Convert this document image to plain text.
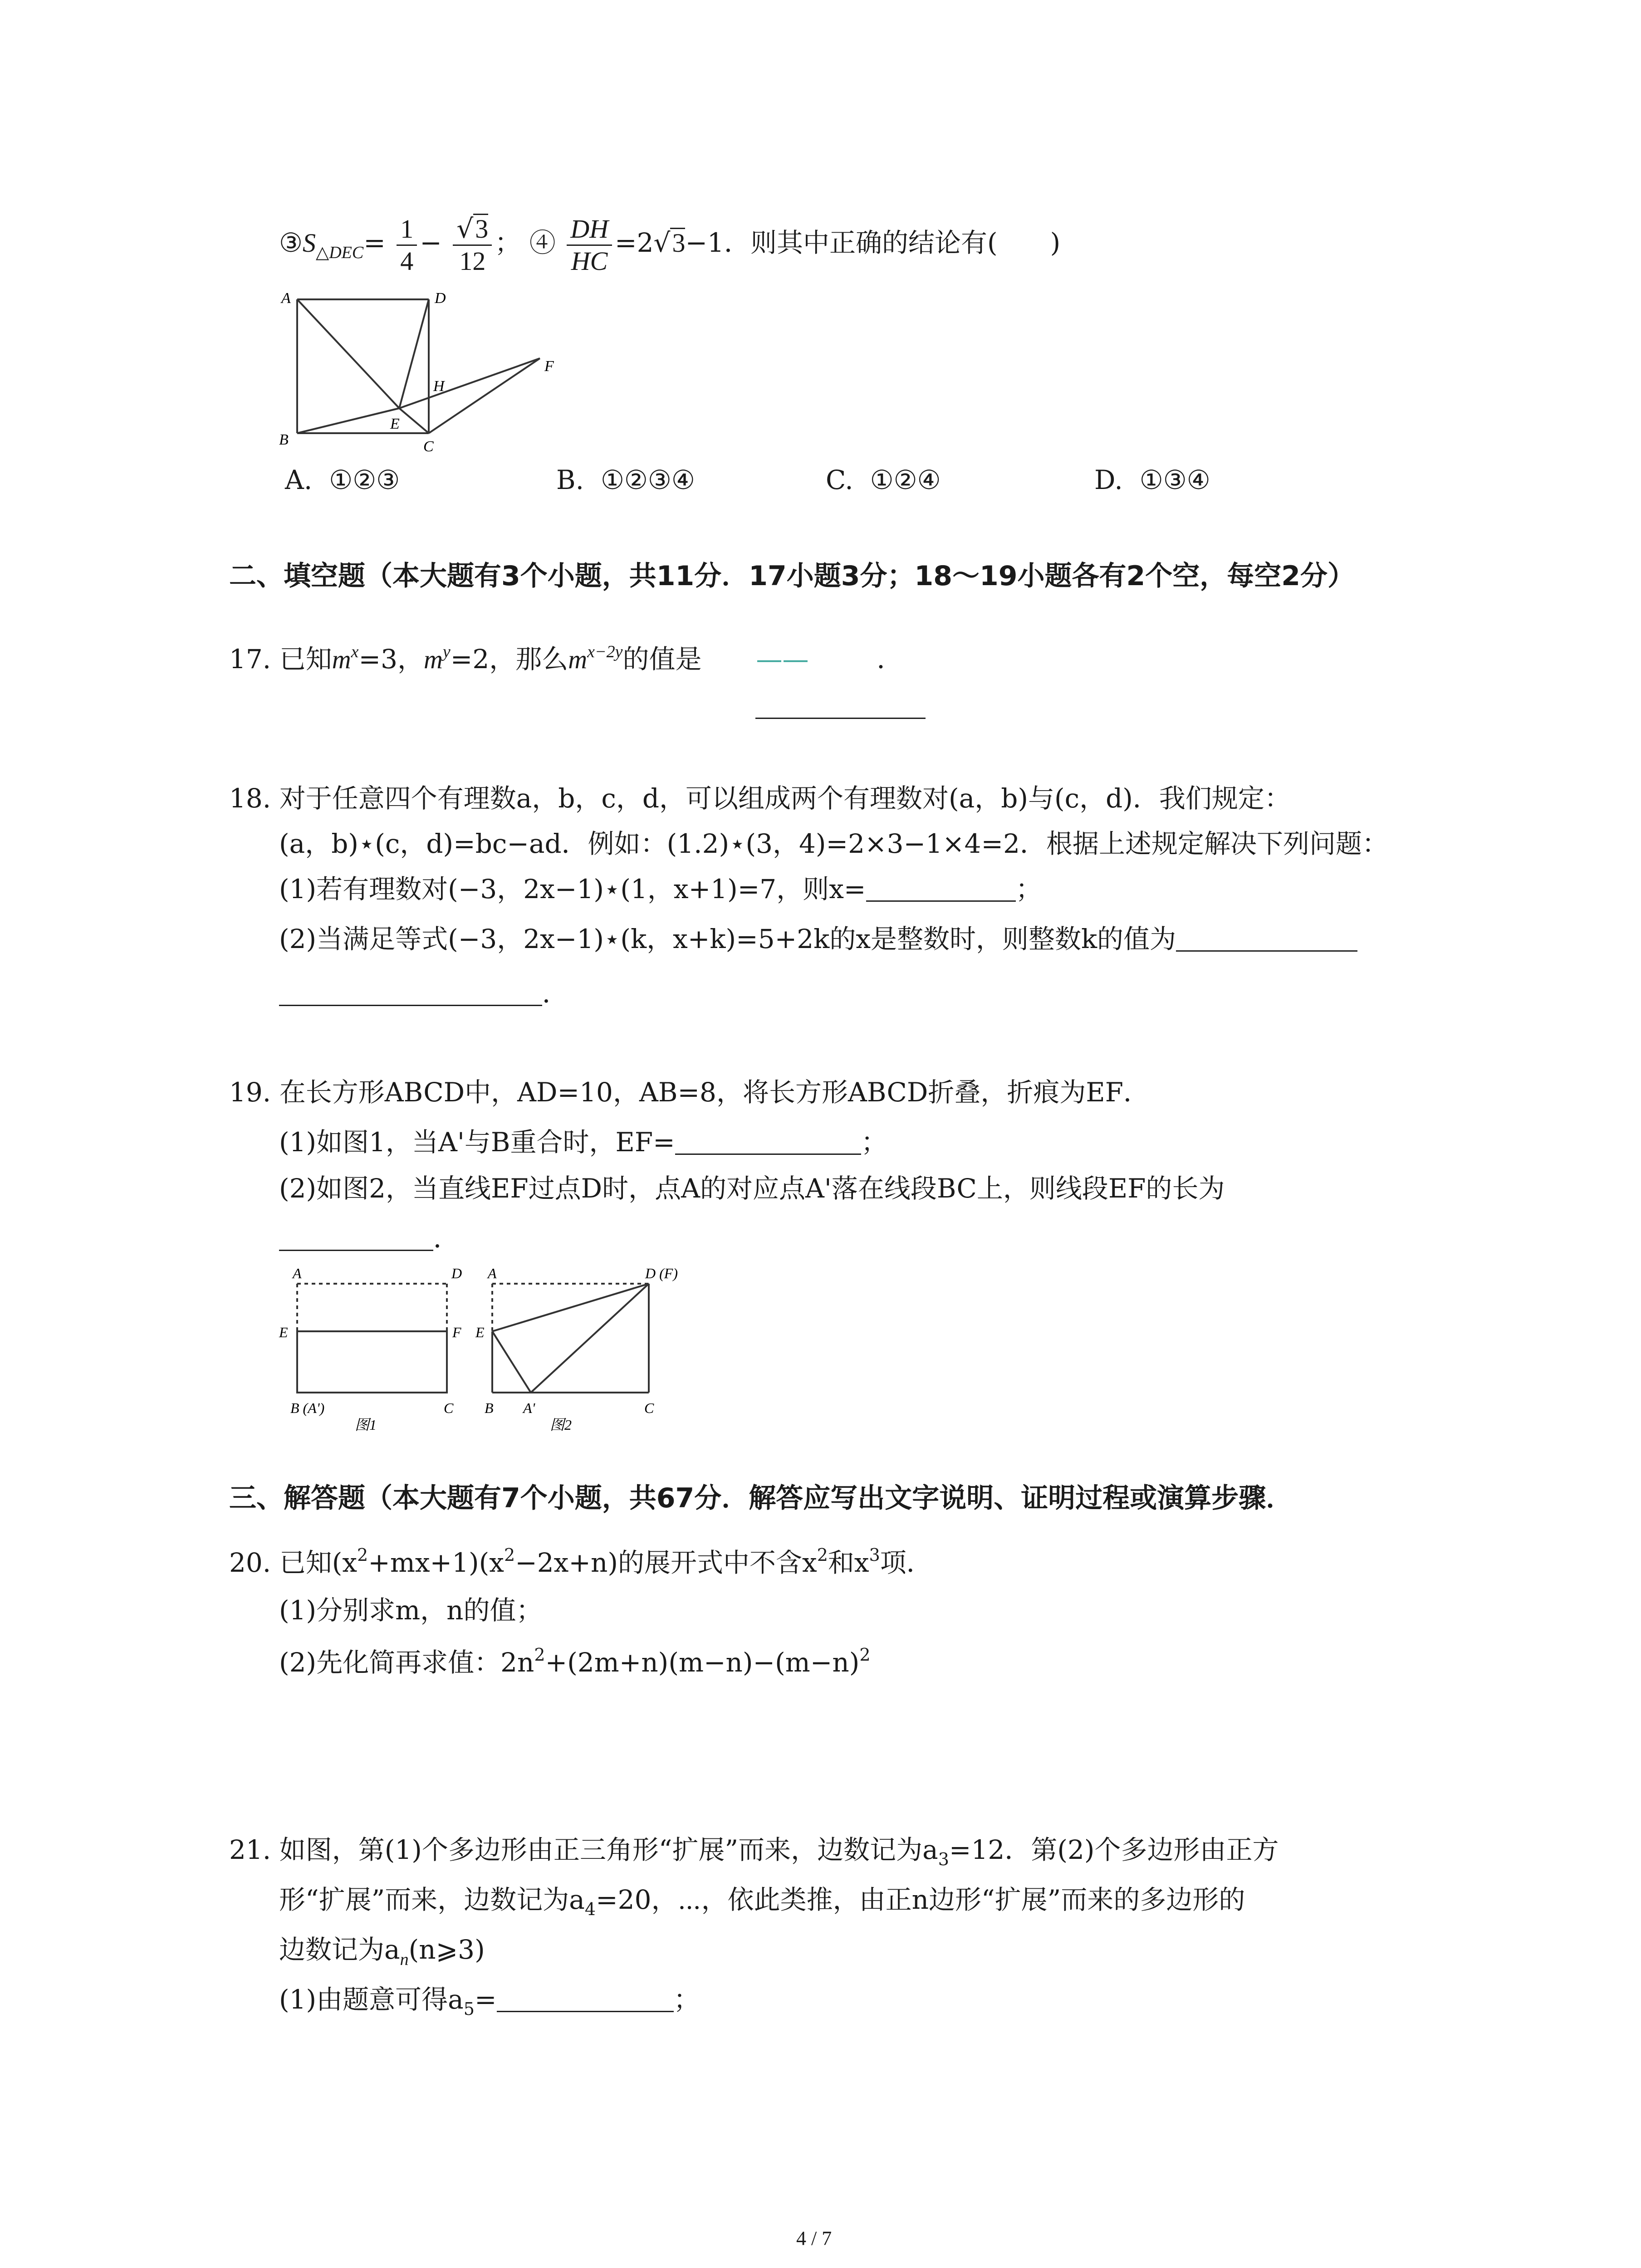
$③S_{\triangle DEC}= \frac{1}{4} - \frac{√3}{12}$ ； ④ $\frac{DH}{HC} =2√3-1$．则其中正确的结论有(　　)
A	D
F
H
E
B	C
A. ①②③	B. ①②③④	C. ①②④	D. ①③④
二、填空题（本大题有3个小题，共11分．17小题3分；18～19小题各有2个空，每空2分）
17. 已知$m^x=3$，$m^y=2$，那么$m^{x-2y}$的值是 ——	．
18. 对于任意四个有理数a，b，c，d，可以组成两个有理数对(a，b)与(c，d)．我们规定：
(a，b)⋆(c，d)=bc−ad．例如：(1.2)⋆(3，4)=2×3−1×4=2．根据上述规定解决下列问题：
(1)若有理数对(−3，2x−1)⋆(1，x+1)=7，则x=	；
(2)当满足等式(−3，2x−1)⋆(k，x+k)=5+2k的x是整数时，则整数k的值为
．
19. 在长方形ABCD中，AD=10，AB=8，将长方形ABCD折叠，折痕为EF．
(1)如图1，当A'与B重合时，EF=	；
(2)如图2，当直线EF过点D时，点A的对应点A'落在线段BC上，则线段EF的长为
．
A	D
E	F
B (A')	C
图1
A	D (F)
E
B A'	C
图2
三、解答题（本大题有7个小题，共67分．解答应写出文字说明、证明过程或演算步骤．
20. 已知$(x^2+mx+1)(x^2-2x+n)$的展开式中不含$x^2$和$x^3$项．
(1)分别求m，n的值；
(2)先化简再求值：$2n^2+(2m+n)(m-n)-(m-n)^2$
21. 如图，第(1)个多边形由正三角形“扩展”而来，边数记为$a_3=12$．第(2)个多边形由正方
形“扩展”而来，边数记为$a_4=20$，⋯，依此类推，由正n边形“扩展”而来的多边形的
边数记为$a_n(n⩾3)$
(1)由题意可得$a_5=$	；
4 / 7
